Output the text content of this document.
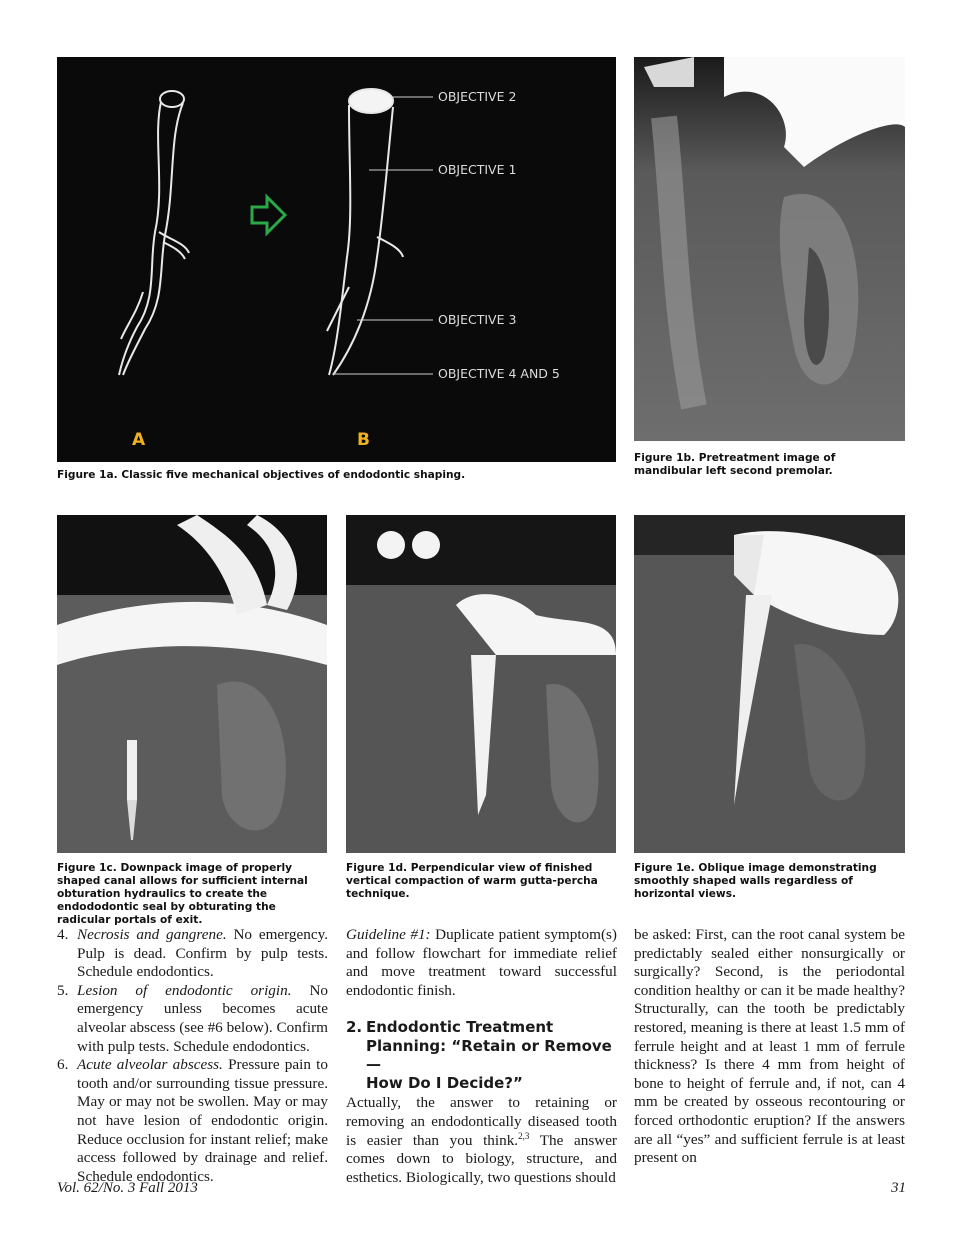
OBJECTIVE 2
OBJECTIVE 1
OBJECTIVE 3
OBJECTIVE 4 AND 5
A	B
Figure 1a. Classic five mechanical objectives of endodontic shaping.
Figure 1b. Pretreatment image of mandibular left second premolar.
Figure 1c. Downpack image of properly shaped canal allows for sufficient internal obturation hydraulics to create the endododontic seal by obturating the radicular portals of exit.
Figure 1d. Perpendicular view of finished vertical compaction of warm gutta-percha technique.
Figure 1e. Oblique image demonstrating smoothly shaped walls regardless of horizontal views.
4. Necrosis and gangrene. No emergency. Pulp is dead. Confirm by pulp tests. Schedule endodontics.
5. Lesion of endodontic origin. No emergency unless becomes acute alveolar abscess (see #6 below). Confirm with pulp tests. Schedule endodontics.
6. Acute alveolar abscess. Pressure pain to tooth and/or surrounding tissue pressure. May or may not be swollen. May or may not have lesion of endodontic origin. Reduce occlusion for instant relief; make access followed by drainage and relief. Schedule endodontics.

Guideline #1: Duplicate patient symptom(s) and follow flowchart for immediate relief and move treatment toward successful endodontic finish.

2. Endodontic Treatment
Planning: “Retain or Remove—
How Do I Decide?”

Actually, the answer to retaining or removing an endodontically diseased tooth is easier than you think.$^{2,3}$ The answer comes down to biology, structure, and esthetics. Biologically, two questions should

be asked: First, can the root canal system be predictably sealed either nonsurgically or surgically? Second, is the periodontal condition healthy or can it be made healthy? Structurally, can the tooth be predictably restored, meaning is there at least 1.5 mm of ferrule height and at least 1 mm of ferrule thickness? Is there 4 mm from height of bone to height of ferrule and, if not, can 4 mm be created by osseous recontouring or forced orthodontic eruption? If the answers are all “yes” and sufficient ferrule is at least present on

Vol. 62/No. 3 Fall 2013	31
